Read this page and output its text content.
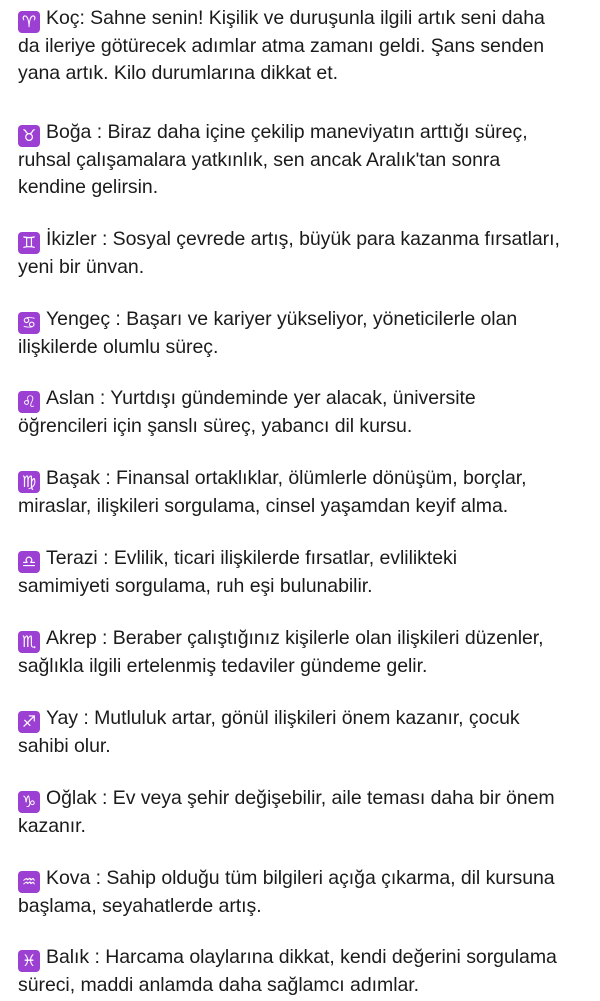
♈ Koç: Sahne senin! Kişilik ve duruşunla ilgili artık seni daha
da ileriye götürecek adımlar atma zamanı geldi. Şans senden
yana artık. Kilo durumlarına dikkat et.
♉ Boğa : Biraz daha içine çekilip maneviyatın arttığı süreç,
ruhsal çalışamalara yatkınlık, sen ancak Aralık'tan sonra
kendine gelirsin.
♊ İkizler : Sosyal çevrede artış, büyük para kazanma fırsatları,
yeni bir ünvan.
♋ Yengeç : Başarı ve kariyer yükseliyor, yöneticilerle olan
ilişkilerde olumlu süreç.
♌ Aslan : Yurtdışı gündeminde yer alacak, üniversite
öğrencileri için şanslı süreç, yabancı dil kursu.
♍ Başak : Finansal ortaklıklar, ölümlerle dönüşüm, borçlar,
miraslar, ilişkileri sorgulama, cinsel yaşamdan keyif alma.
♎ Terazi : Evlilik, ticari ilişkilerde fırsatlar, evlilikteki
samimiyeti sorgulama, ruh eşi bulunabilir.
♏ Akrep : Beraber çalıştığınız kişilerle olan ilişkileri düzenler,
sağlıkla ilgili ertelenmiş tedaviler gündeme gelir.
♐ Yay : Mutluluk artar, gönül ilişkileri önem kazanır, çocuk
sahibi olur.
♑ Oğlak : Ev veya şehir değişebilir, aile teması daha bir önem
kazanır.
♒ Kova : Sahip olduğu tüm bilgileri açığa çıkarma, dil kursuna
başlama, seyahatlerde artış.
♓ Balık : Harcama olaylarına dikkat, kendi değerini sorgulama
süreci, maddi anlamda daha sağlamcı adımlar.
